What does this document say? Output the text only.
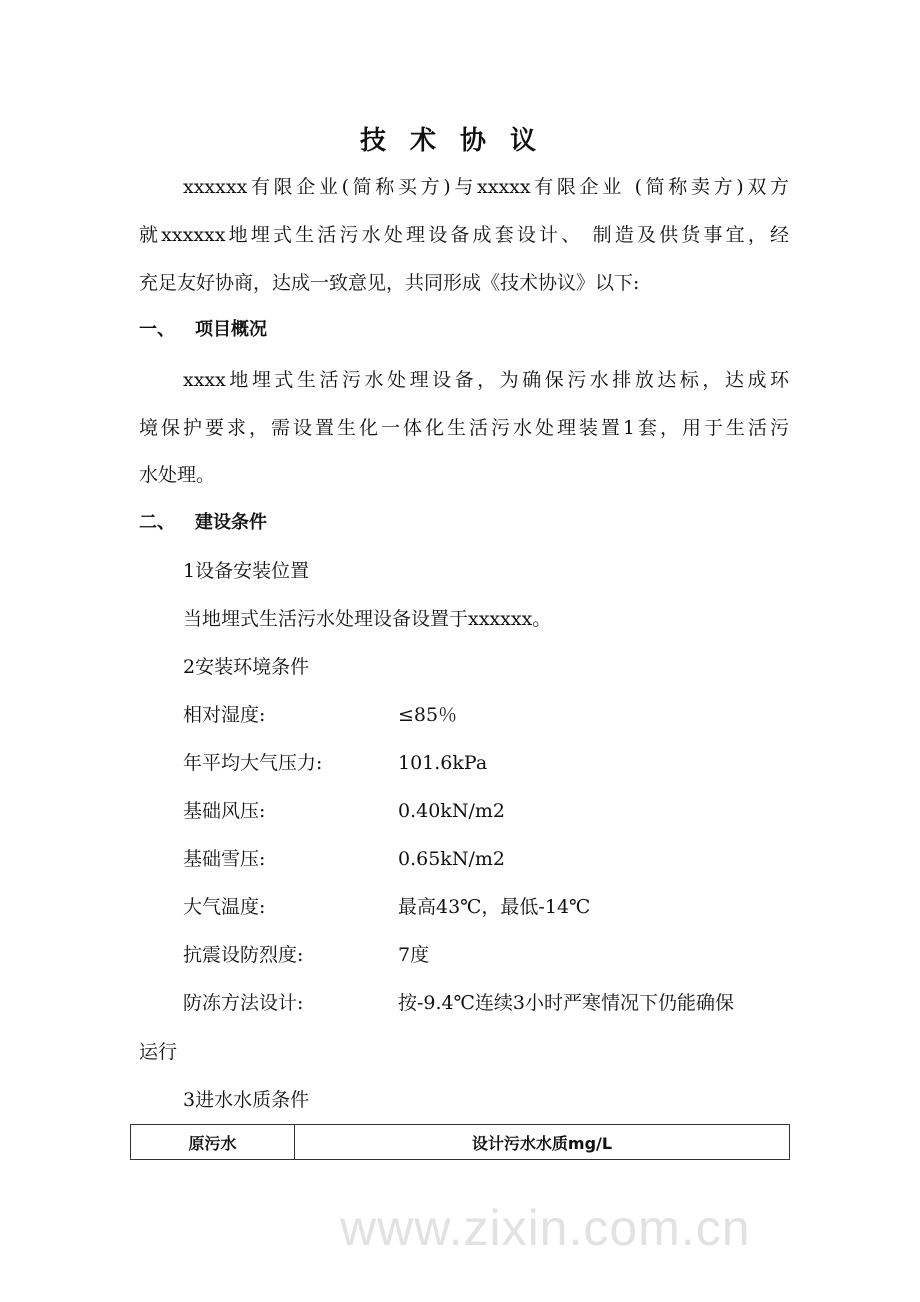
技术协议
xxxxxx有限企业(简称买方)与xxxxx有限企业 (简称卖方)双方
就xxxxxx地埋式生活污水处理设备成套设计、 制造及供货事宜，经
充足友好协商，达成一致意见，共同形成《技术协议》以下:
一、 项目概况
xxxx地埋式生活污水处理设备，为确保污水排放达标，达成环
境保护要求，需设置生化一体化生活污水处理装置1套，用于生活污
水处理。
二、 建设条件
1设备安装位置
当地埋式生活污水处理设备设置于xxxxxx。
2安装环境条件
相对湿度:	≤85％
年平均大气压力:	101.6kPa
基础风压:	0.40kN/m2
基础雪压:	0.65kN/m2
大气温度:	最高43℃，最低-14℃
抗震设防烈度:	7度
防冻方法设计:	按-9.4℃连续3小时严寒情况下仍能确保
运行
3进水水质条件
原污水	设计污水水质mg/L
www.zixin.com.cn
